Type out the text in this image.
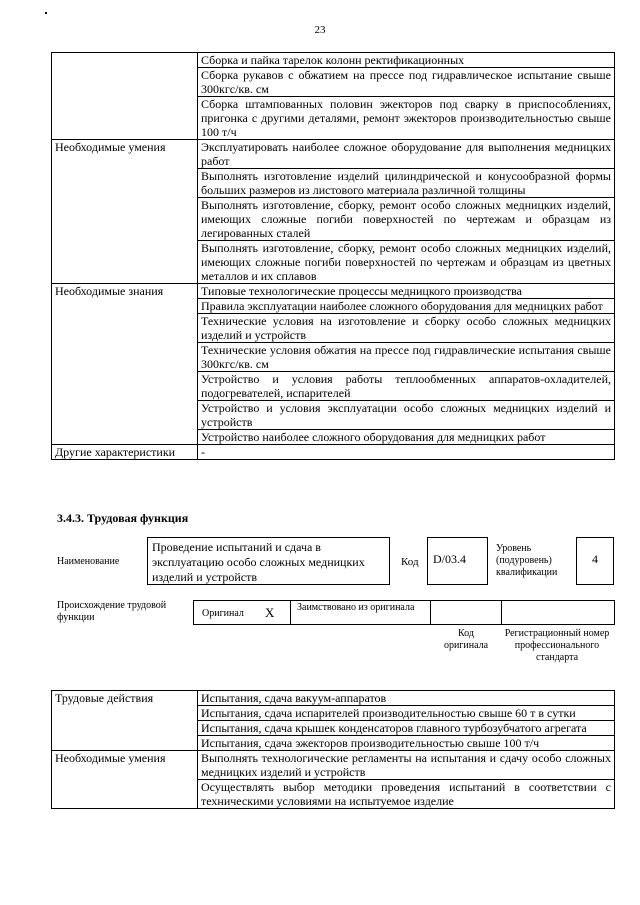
23
	Сборка и пайка тарелок колонн ректификационных
	Сборка рукавов с обжатием на прессе под гидравлическое испытание свыше 300кгс/кв. см
	Сборка штампованных половин эжекторов под сварку в приспособлениях, пригонка с другими деталями, ремонт эжекторов производительностью свыше 100 т/ч
Необходимые умения	Эксплуатировать наиболее сложное оборудование для выполнения медницких работ
	Выполнять изготовление изделий цилиндрической и конусообразной формы больших размеров из листового материала различной толщины
	Выполнять изготовление, сборку, ремонт особо сложных медницких изделий, имеющих сложные погиби поверхностей по чертежам и образцам из легированных сталей
	Выполнять изготовление, сборку, ремонт особо сложных медницких изделий, имеющих сложные погиби поверхностей по чертежам и образцам из цветных металлов и их сплавов
Необходимые знания	Типовые технологические процессы медницкого производства
	Правила эксплуатации наиболее сложного оборудования для медницких работ
	Технические условия на изготовление и сборку особо сложных медницких изделий и устройств
	Технические условия обжатия на прессе под гидравлические испытания свыше 300кгс/кв. см
	Устройство и условия работы теплообменных аппаратов-охладителей, подогревателей, испарителей
	Устройство и условия эксплуатации особо сложных медницких изделий и устройств
	Устройство наиболее сложного оборудования для медницких работ
Другие характеристики	-
3.4.3. Трудовая функция
Наименование
Проведение испытаний и сдача в эксплуатацию особо сложных медницких изделий и устройств
Код	D/03.4
Уровень (подуровень) квалификации
4
Происхождение трудовой функции	Оригинал X Заимствовано из оригинала
Код оригинала
Регистрационный номер профессионального стандарта
Трудовые действия	Испытания, сдача вакуум-аппаратов
	Испытания, сдача испарителей производительностью свыше 60 т в сутки
	Испытания, сдача крышек конденсаторов главного турбозубчатого агрегата
	Испытания, сдача эжекторов производительностью свыше 100 т/ч
Необходимые умения	Выполнять технологические регламенты на испытания и сдачу особо сложных медницких изделий и устройств
	Осуществлять выбор методики проведения испытаний в соответствии с техническими условиями на испытуемое изделие
